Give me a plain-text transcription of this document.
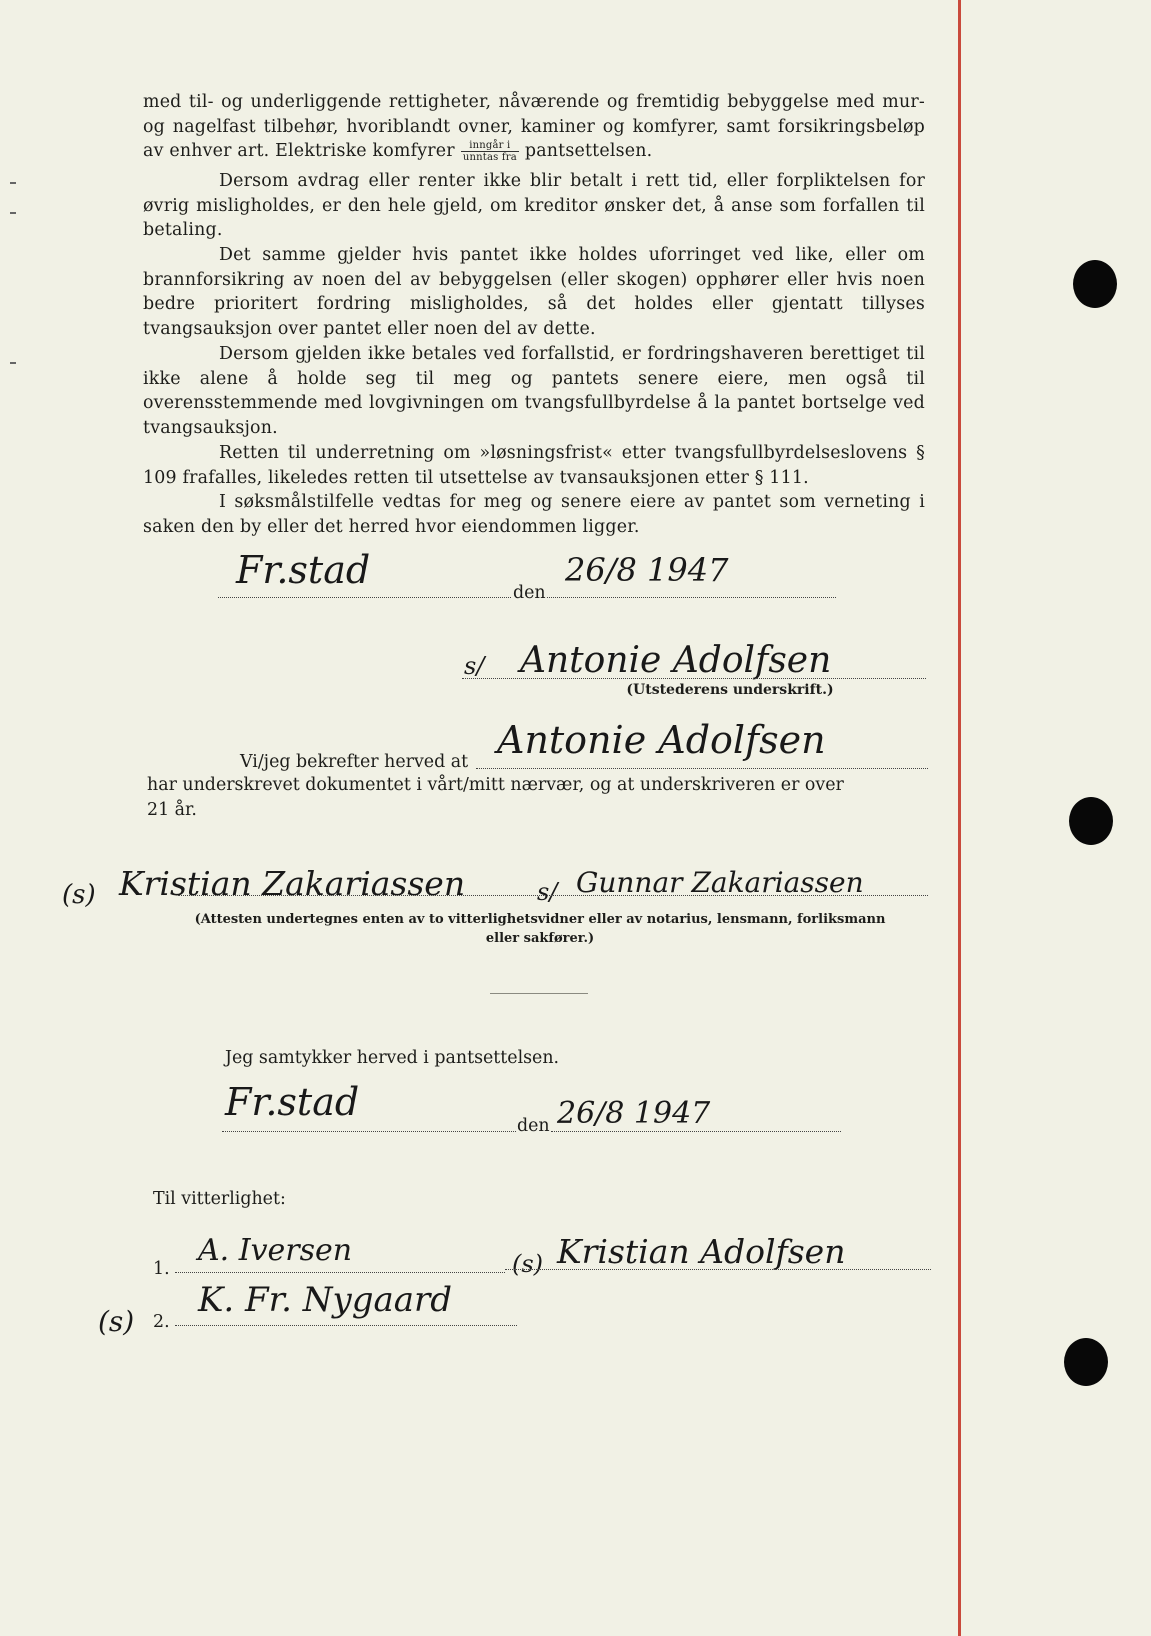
med til- og underliggende rettigheter, nåværende og fremtidig bebyggelse med mur- og nagelfast tilbehør, hvoriblandt ovner, kaminer og komfyrer, samt forsikringsbeløp av enhver art. Elektriske komfyrer $\frac{\text{inngår i}}{\text{unntas fra}}$ pantsettelsen.

Dersom avdrag eller renter ikke blir betalt i rett tid, eller forpliktelsen for øvrig misligholdes, er den hele gjeld, om kreditor ønsker det, å anse som forfallen til betaling.

Det samme gjelder hvis pantet ikke holdes uforringet ved like, eller om brannforsikring av noen del av bebyggelsen (eller skogen) opphører eller hvis noen bedre prioritert fordring misligholdes, så det holdes eller gjentatt tillyses tvangsauksjon over pantet eller noen del av dette.

Dersom gjelden ikke betales ved forfallstid, er fordringshaveren berettiget til ikke alene å holde seg til meg og pantets senere eiere, men også til overensstemmende med lovgivningen om tvangsfullbyrdelse å la pantet bortselge ved tvangsauksjon.

Retten til underretning om »løsningsfrist« etter tvangsfullbyrdelseslovens § 109 frafalles, likeledes retten til utsettelse av tvansauksjonen etter § 111.

I søksmålstilfelle vedtas for meg og senere eiere av pantet som verneting i saken den by eller det herred hvor eiendommen ligger.

Fr.stad
den
26/8 1947
s/ Antonie Adolfsen
(Utstederens underskrift.)
Vi/jeg bekrefter herved at Antonie Adolfsen
har underskrevet dokumentet i vårt/mitt nærvær, og at underskriveren er over
21 år.
(s) Kristian Zakariassen	s/ Gunnar Zakariassen
(Attesten undertegnes enten av to vitterlighetsvidner eller av notarius, lensmann, forliksmann
eller sakfører.)
Jeg samtykker herved i pantsettelsen.
Fr.stad
den 26/8 1947
Til vitterlighet:
1.
A. Iversen	(s) Kristian Adolfsen
(s) 2.
K. Fr. Nygaard
